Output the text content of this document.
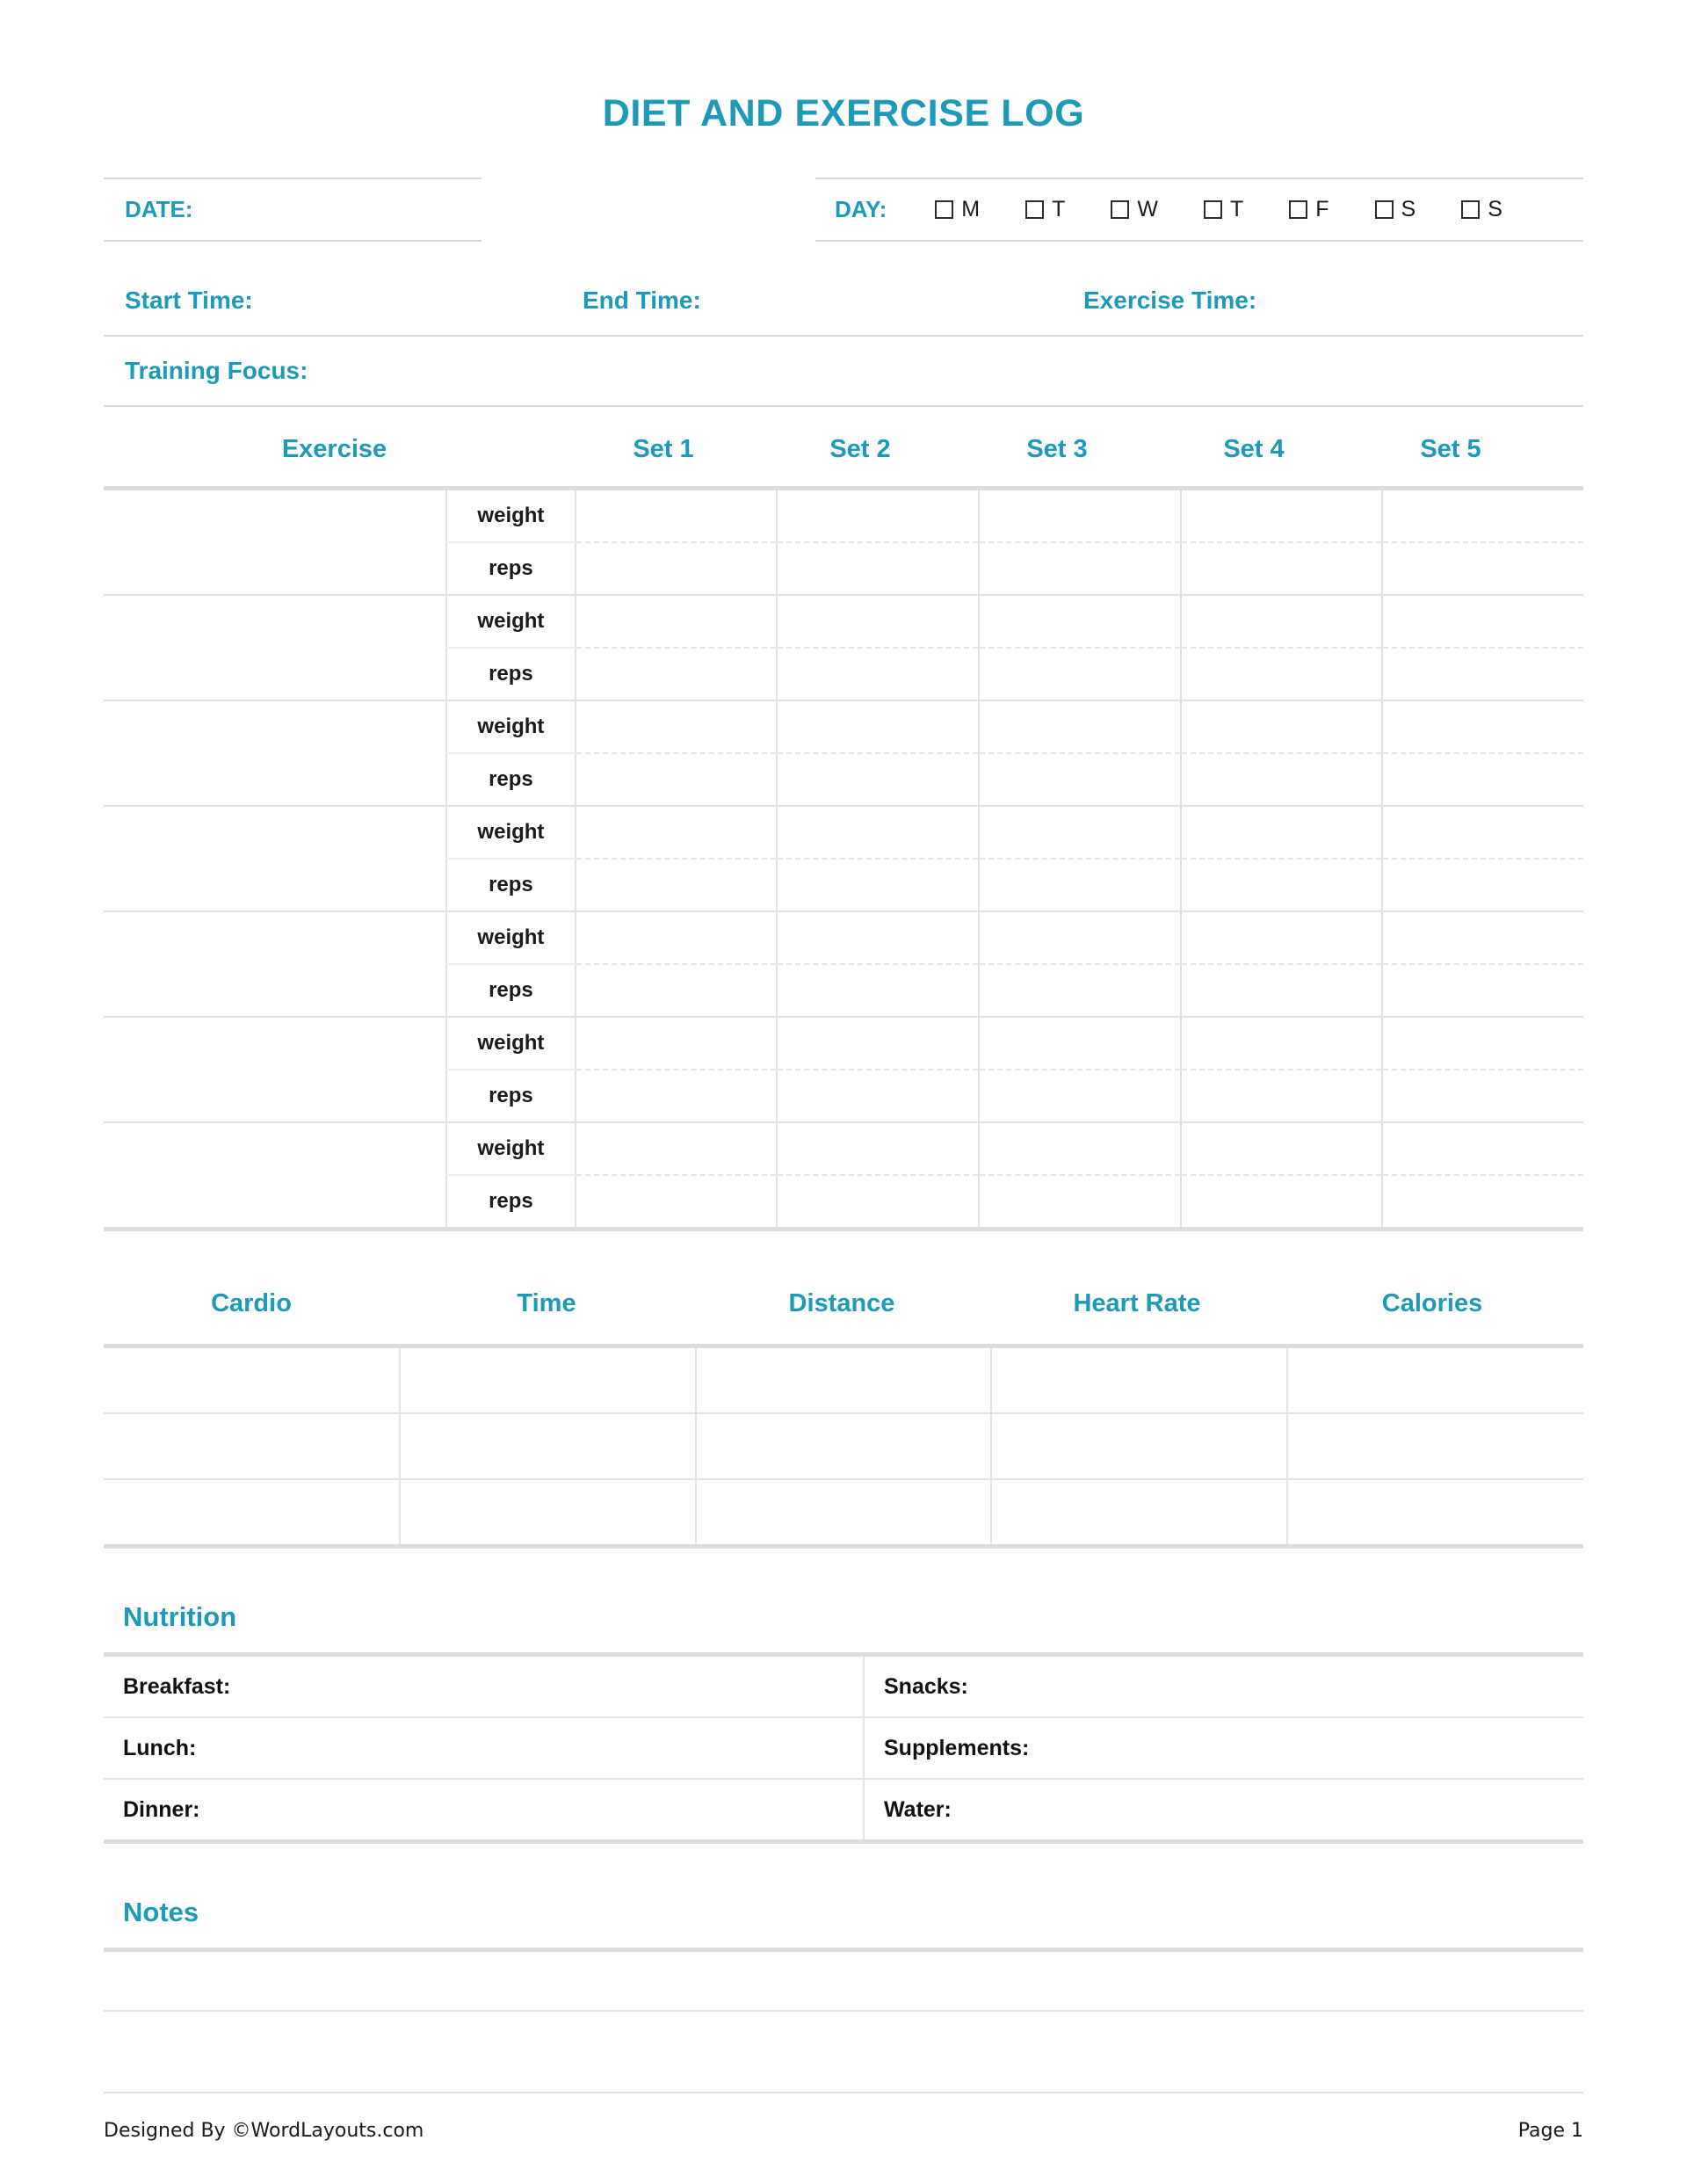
DIET AND EXERCISE LOG
DATE:	DAY:	M	T	W	T	F	S	S
Start Time:	End Time:	Exercise Time:
Training Focus:
Exercise	Set 1	Set 2	Set 3	Set 4	Set 5
	weight					
	reps					
	weight					
	reps					
	weight					
	reps					
	weight					
	reps					
	weight					
	reps					
	weight					
	reps					
	weight					
	reps					
Cardio	Time	Distance	Heart Rate	Calories

Nutrition
Breakfast:	Snacks:
Lunch:	Supplements:
Dinner:	Water:
Notes
Designed By ©WordLayouts.com	Page 1
